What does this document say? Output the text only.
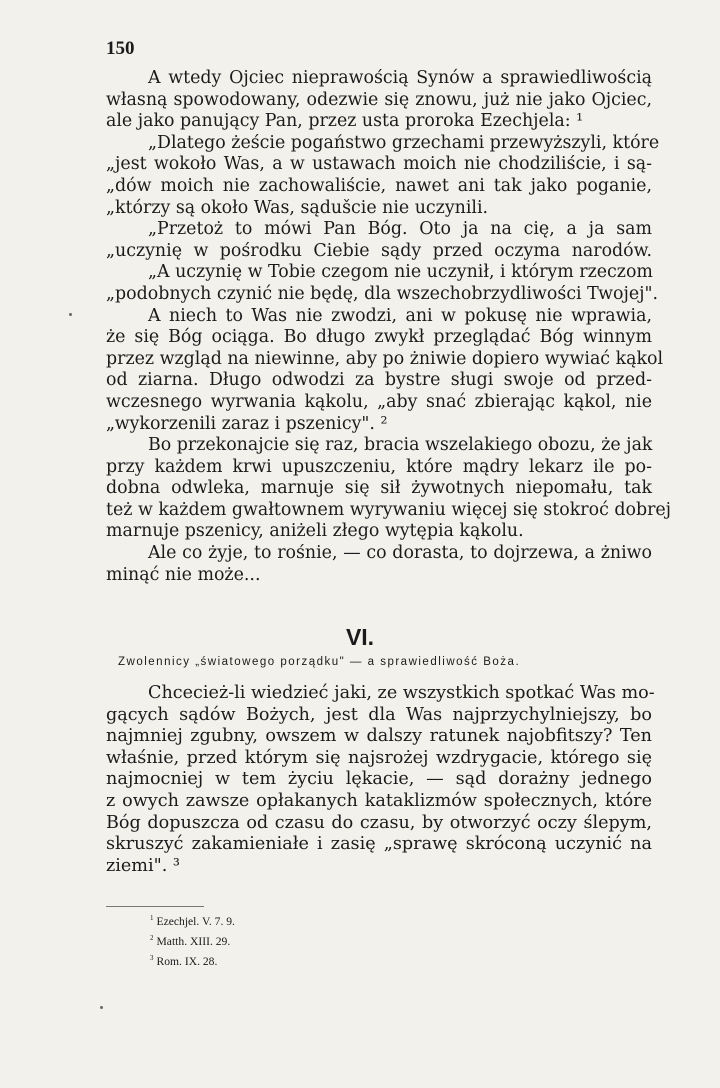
150
A wtedy Ojciec nieprawością Synów a sprawiedliwością
własną spowodowany, odezwie się znowu, już nie jako Ojciec,
ale jako panujący Pan, przez usta proroka Ezechjela: ¹
„Dlatego żeście pogaństwo grzechami przewyższyli, które
„jest wokoło Was, a w ustawach moich nie chodziliście, i są-
„dów moich nie zachowaliście, nawet ani tak jako poganie,
„którzy są około Was, sądušcie nie uczynili.
„Przetoż to mówi Pan Bóg. Oto ja na cię, a ja sam
„uczynię w pośrodku Ciebie sądy przed oczyma narodów.
„A uczynię w Tobie czegom nie uczynił, i którym rzeczom
„podobnych czynić nie będę, dla wszechobrzydliwości Twojej".
A niech to Was nie zwodzi, ani w pokusę nie wprawia,
że się Bóg ociąga. Bo długo zwykł przeglądać Bóg winnym
przez wzgląd na niewinne, aby po żniwie dopiero wywiać kąkol
od ziarna. Długo odwodzi za bystre sługi swoje od przed-
wczesnego wyrwania kąkolu, „aby snać zbierając kąkol, nie
„wykorzenili zaraz i pszenicy". ²
Bo przekonajcie się raz, bracia wszelakiego obozu, że jak
przy każdem krwi upuszczeniu, które mądry lekarz ile po-
dobna odwleka, marnuje się sił żywotnych niepomału, tak
też w każdem gwałtownem wyrywaniu więcej się stokroć dobrej
marnuje pszenicy, aniżeli złego wytępia kąkolu.
Ale co żyje, to rośnie, — co dorasta, to dojrzewa, a żniwo
minąć nie może...
VI.
Zwolennicy „światowego porządku" — a sprawiedliwość Boża.
Chcecież-li wiedzieć jaki, ze wszystkich spotkać Was mo-
gących sądów Bożych, jest dla Was najprzychylniejszy, bo
najmniej zgubny, owszem w dalszy ratunek najobfitszy? Ten
właśnie, przed którym się najsrożej wzdrygacie, którego się
najmocniej w tem życiu lękacie, — sąd dorażny jednego
z owych zawsze opłakanych kataklizmów społecznych, które
Bóg dopuszcza od czasu do czasu, by otworzyć oczy ślepym,
skruszyć zakamieniałe i zasię „sprawę skróconą uczynić na
ziemi". ³
$^1$ Ezechjel. V. 7. 9.
$^2$ Matth. XIII. 29.
$^3$ Rom. IX. 28.
